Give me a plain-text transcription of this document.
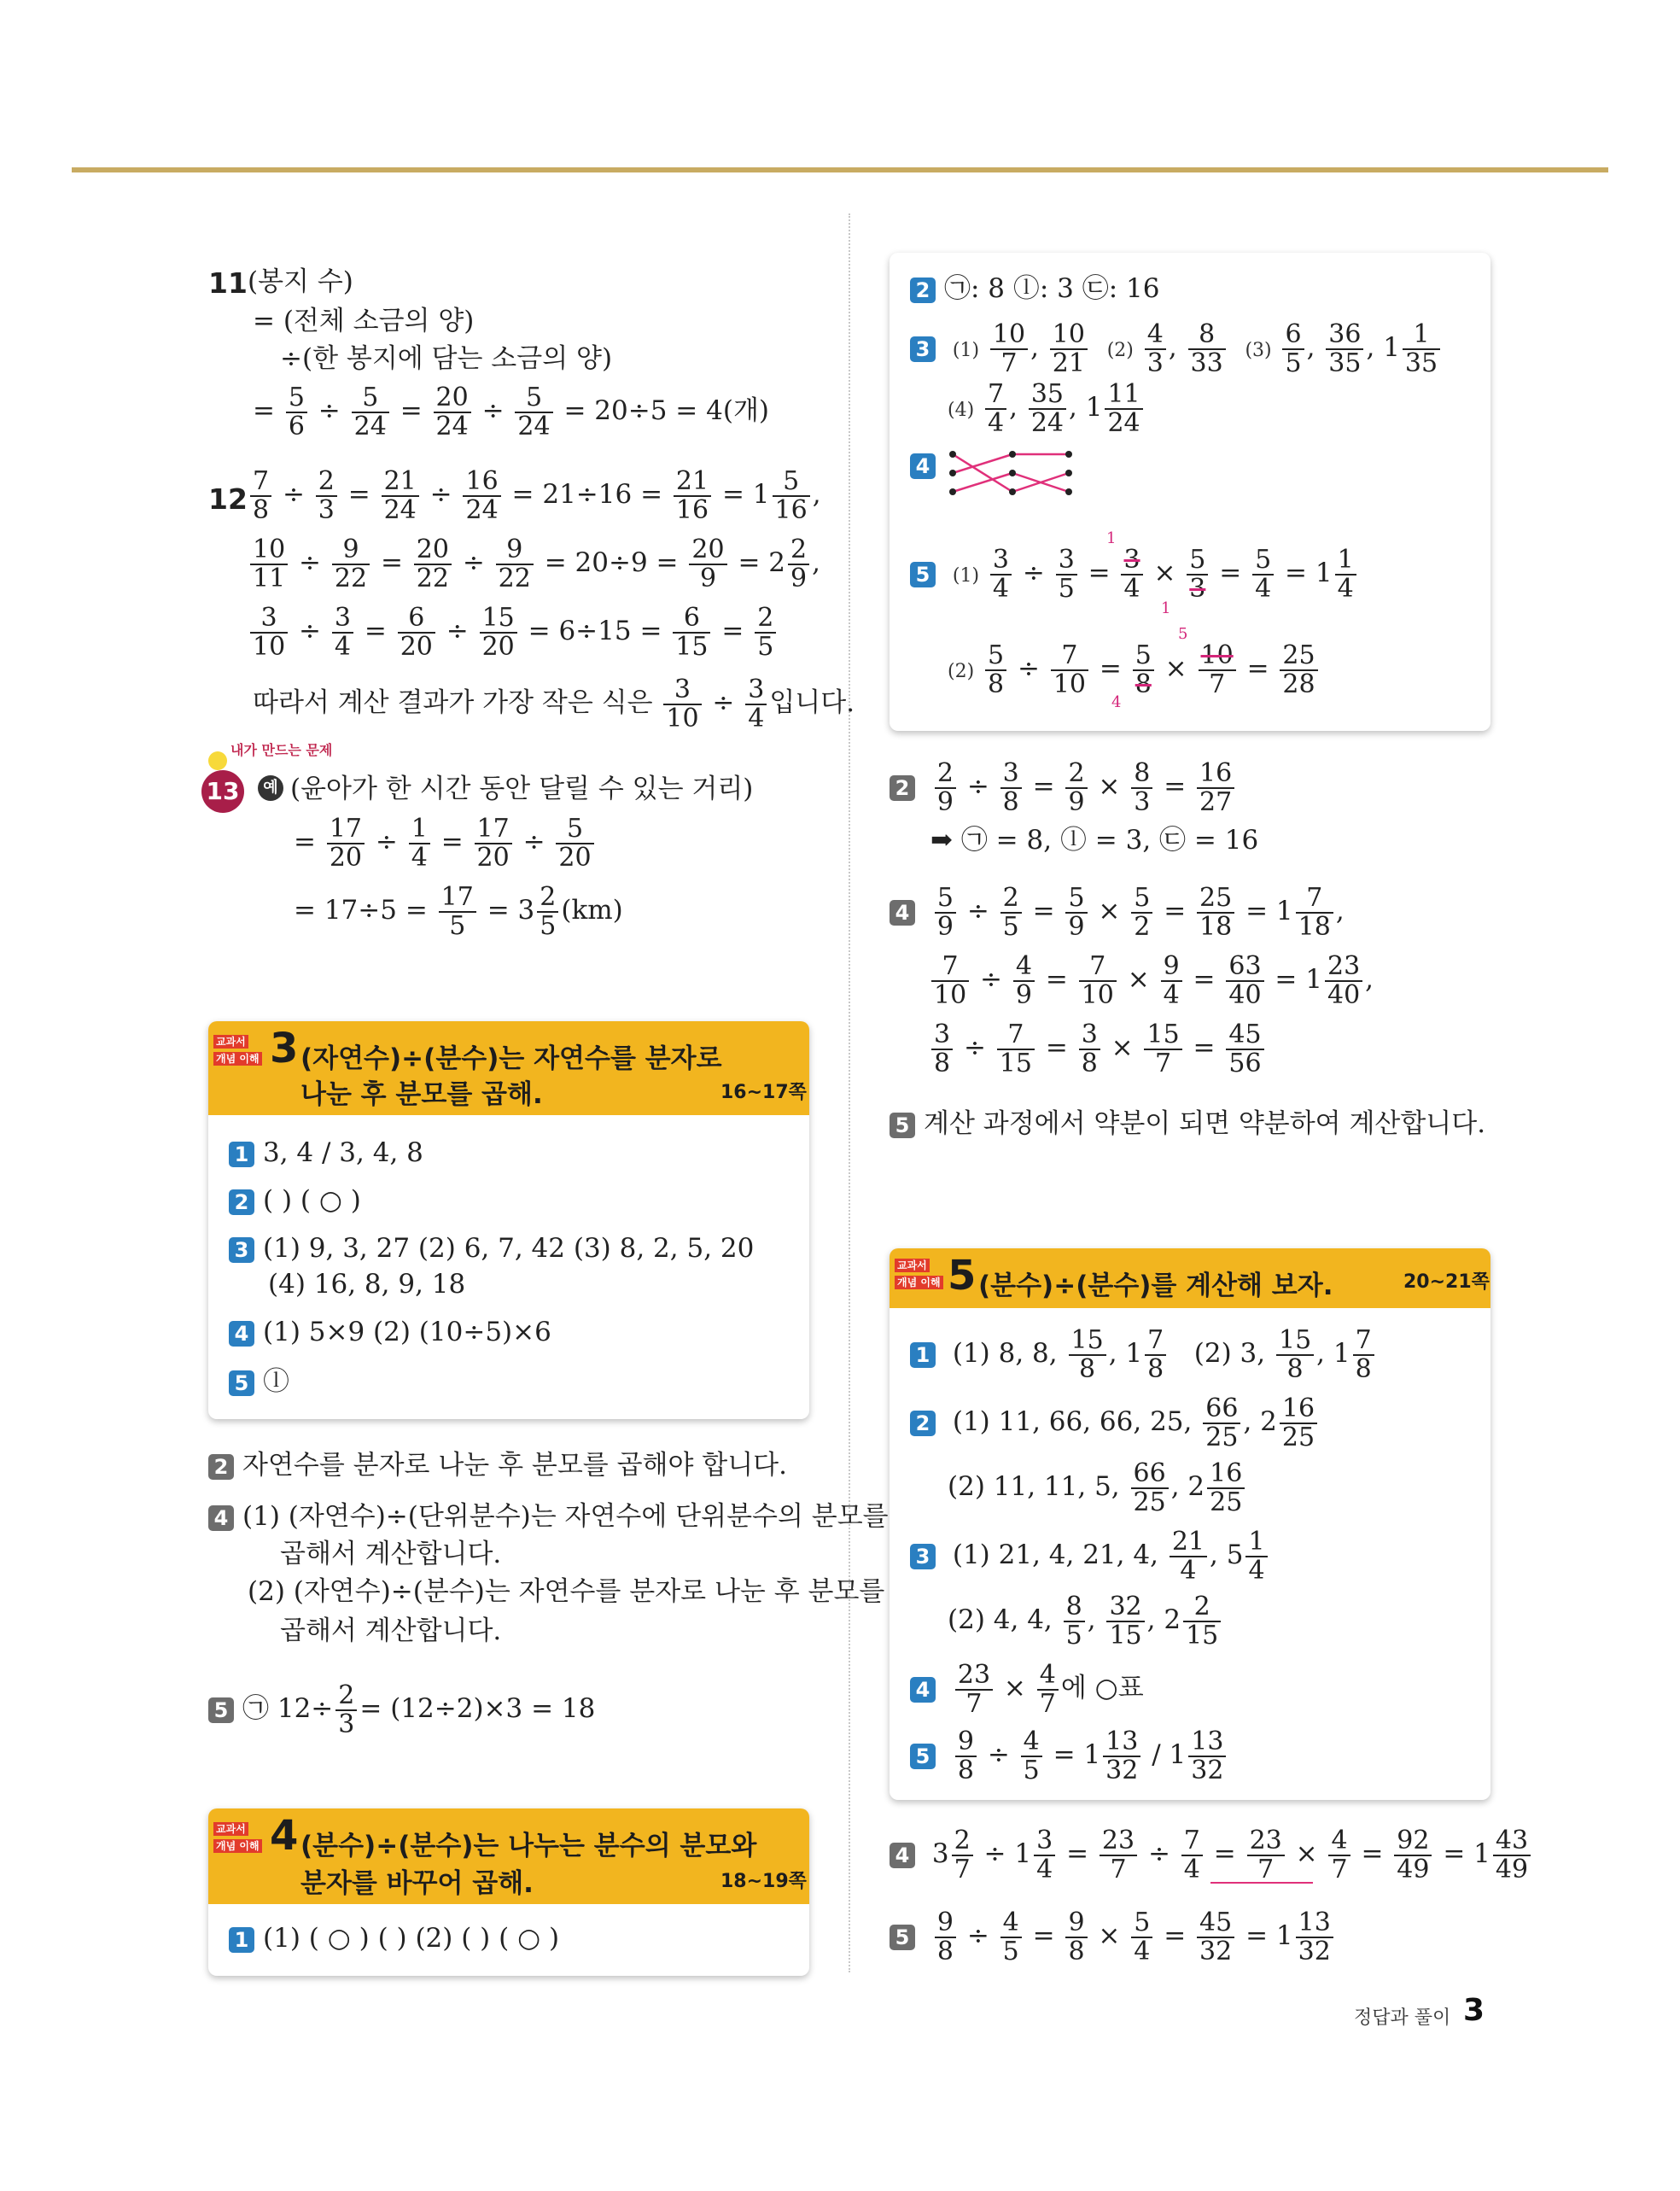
11 (봉지 수)
= (전체 소금의 양)
÷(한 봉지에 담는 소금의 양)
= $\frac{5}{6} \div \frac{5}{24} = \frac{20}{24} \div \frac{5}{24} = 20\div 5 = 4$(개)
$12 \frac{7}{8} \div \frac{2}{3} = \frac{21}{24} \div \frac{16}{24} = 21\div 16 = \frac{21}{16} = 1 \frac{5}{16}$ ,
$\frac{10}{11} \div \frac{9}{22} = \frac{20}{22} \div \frac{9}{22} = 20\div 9 = \frac{20}{9} = 2 \frac{2}{9}$ ,
$\frac{3}{10} \div \frac{3}{4} = \frac{6}{20} \div \frac{15}{20} = 6\div 15 = \frac{6}{15} = \frac{2}{5}$
따라서 계산 결과가 가장 작은 식은 $\frac{3}{10} \div \frac{3}{4}$ 입니다.
내가 만드는 문제
13	예 (윤아가 한 시간 동안 달릴 수 있는 거리)
= $\frac{17}{20} \div \frac{1}{4} = \frac{17}{20} \div \frac{5}{20}$
= $17\div 5 = \frac{17}{5} = 3 \frac{2}{5} (km)$
교과서
개념 이해 3 (자연수)÷(분수)는 자연수를 분자로
나눈 후 분모를 곱해.	16~17쪽
1 3, 4 / 3, 4, 8
2 ( ) ( ○ )
3 (1) 9, 3, 27 (2) 6, 7, 42 (3) 8, 2, 5, 20
(4) 16, 8, 9, 18
4 (1) 5×9 (2) (10÷5)×6
5 ⓛ
2 자연수를 분자로 나눈 후 분모를 곱해야 합니다.
4 (1) (자연수)÷(단위분수)는 자연수에 단위분수의 분모를
곱해서 계산합니다.
(2) (자연수)÷(분수)는 자연수를 분자로 나눈 후 분모를
곱해서 계산합니다.
5 ㉠ $12\div \frac{2}{3} = (12\div 2)\times 3 = 18$
교과서
개념 이해 4 (분수)÷(분수)는 나누는 분수의 분모와
분자를 바꾸어 곱해.	18~19쪽
1 (1) ( ○ ) ( ) (2) ( ) ( ○ )
2 ㉠: 8 ⓛ: 3 ㉢: 16
3 $(1) \frac{10}{7}$ , $\frac{10}{21} (2) \frac{4}{3}$ , $\frac{8}{33} (3) \frac{6}{5}$ , $\frac{36}{35}$ , $1 \frac{1}{35}$
$(4) \frac{7}{4}$ , $\frac{35}{24}$ , $1 \frac{11}{24}$
4
5 $(1) \frac{3}{4} \div \frac{3}{5} = \frac{3}{4} \times \frac{5}{3} = \frac{5}{4} = 1 \frac{1}{4}$
1
1
$(2) \frac{5}{8} \div \frac{7}{10} = \frac{5}{8} \times \frac{10}{7} = \frac{25}{28}$
5
4
$2 \frac{2}{9} \div \frac{3}{8} = \frac{2}{9} \times \frac{8}{3} = \frac{16}{27}$
➡ ㉠ = 8, ⓛ = 3, ㉢ = 16
$4 \frac{5}{9} \div \frac{2}{5} = \frac{5}{9} \times \frac{5}{2} = \frac{25}{18} = 1 \frac{7}{18}$ ,
$\frac{7}{10} \div \frac{4}{9} = \frac{7}{10} \times \frac{9}{4} = \frac{63}{40} = 1 \frac{23}{40}$ ,
$\frac{3}{8} \div \frac{7}{15} = \frac{3}{8} \times \frac{15}{7} = \frac{45}{56}$
5 계산 과정에서 약분이 되면 약분하여 계산합니다.
교과서
개념 이해 5 (분수)÷(분수)를 계산해 보자.	20~21쪽
1 (1) 8, 8, $\frac{15}{8}$ , $1 \frac{7}{8} (2)$ 3, $\frac{15}{8}$ , $1 \frac{7}{8}$
2 (1) 11, 66, 66, 25, $\frac{66}{25}$ , $2 \frac{16}{25}$
(2) 11, 11, 5, $\frac{66}{25}$ , $2 \frac{16}{25}$
3 (1) 21, 4, 21, 4, $\frac{21}{4}$ , $5 \frac{1}{4}$
(2) 4, 4, $\frac{8}{5}$ , $\frac{32}{15}$ , $2 \frac{2}{15}$
$4 \frac{23}{7} \times \frac{4}{7}$ 에 ○표
$5 \frac{9}{8} \div \frac{4}{5} = 1 \frac{13}{32} / 1 \frac{13}{32}$
4 $3 \frac{2}{7} \div 1 \frac{3}{4} = \frac{23}{7} \div \frac{7}{4} = \frac{23}{7} \times \frac{4}{7} = \frac{92}{49} = 1 \frac{43}{49}$
$5 \frac{9}{8} \div \frac{4}{5} = \frac{9}{8} \times \frac{5}{4} = \frac{45}{32} = 1 \frac{13}{32}$
정답과 풀이 3
